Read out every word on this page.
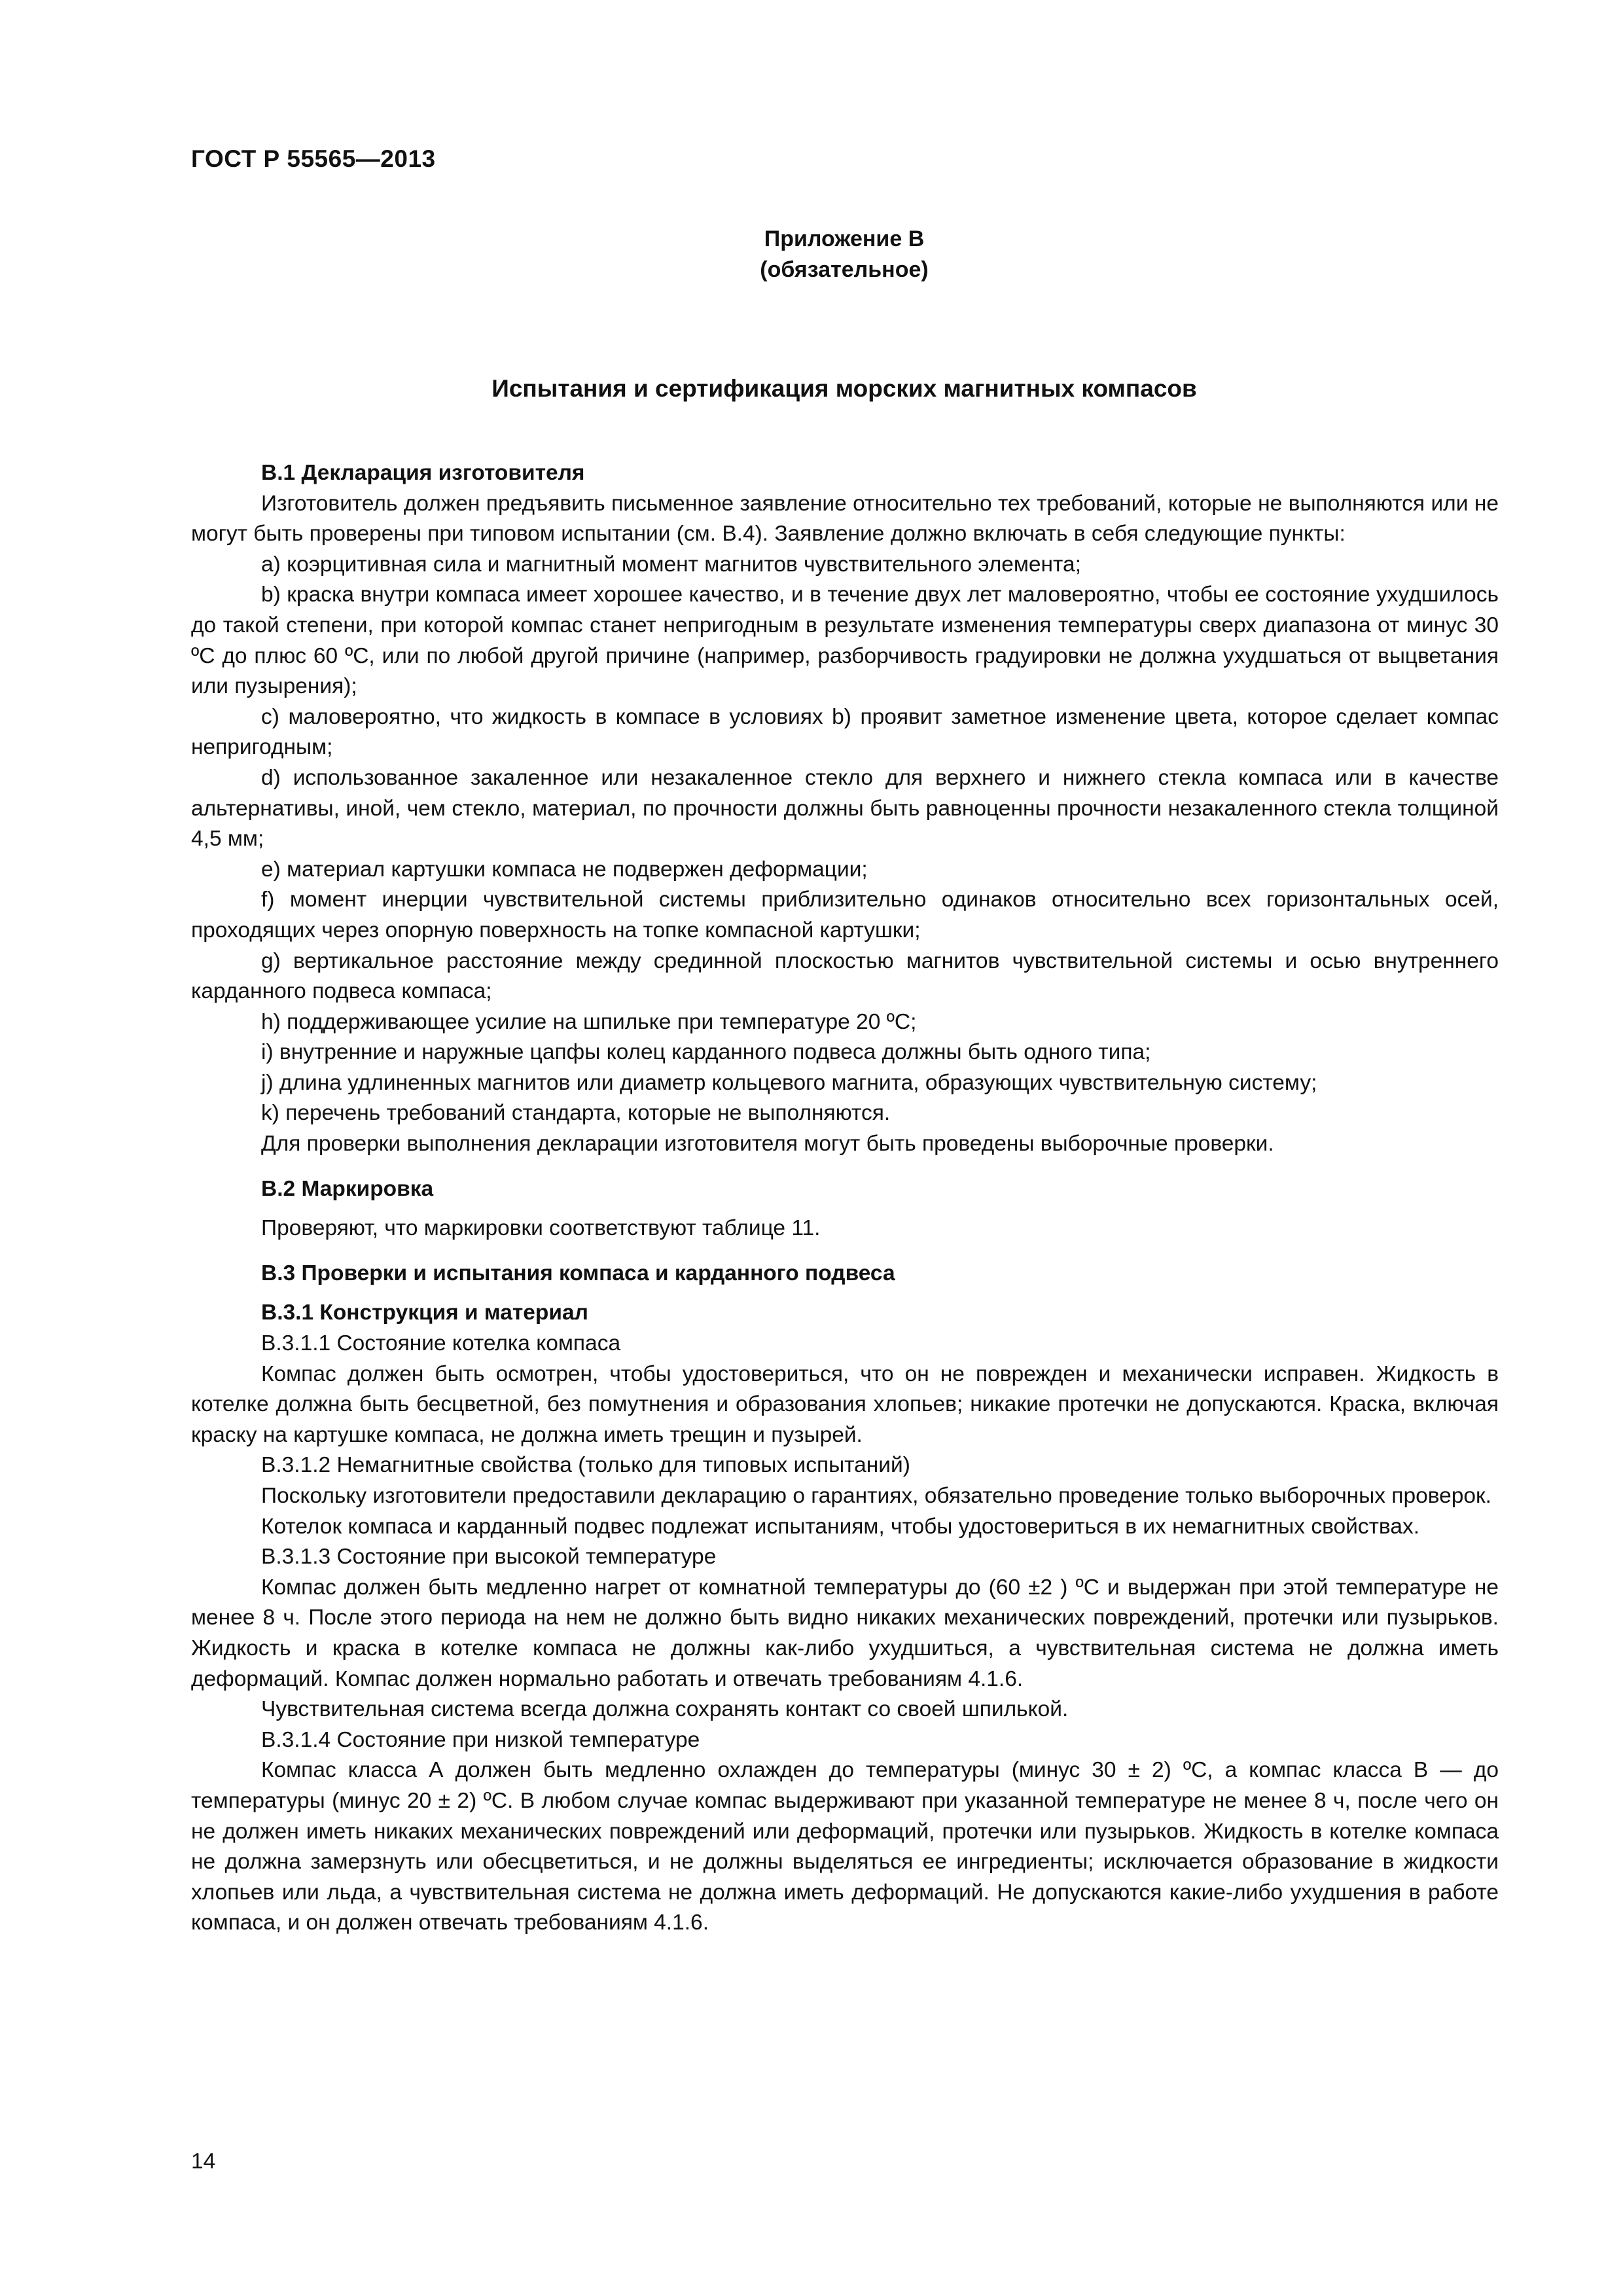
ГОСТ Р 55565—2013
Приложение В
(обязательное)
Испытания и сертификация морских магнитных компасов

В.1 Декларация изготовителя

Изготовитель должен предъявить письменное заявление относительно тех требований, которые не выполняются или не могут быть проверены при типовом испытании (см. В.4). Заявление должно включать в себя следующие пункты:

a) коэрцитивная сила и магнитный момент магнитов чувствительного элемента;

b) краска внутри компаса имеет хорошее качество, и в течение двух лет маловероятно, чтобы ее состояние ухудшилось до такой степени, при которой компас станет непригодным в результате изменения температуры сверх диапазона от минус 30 ºС до плюс 60 ºС, или по любой другой причине (например, разборчивость градуировки не должна ухудшаться от выцветания или пузырения);

c) маловероятно, что жидкость в компасе в условиях b) проявит заметное изменение цвета, которое сделает компас непригодным;

d) использованное закаленное или незакаленное стекло для верхнего и нижнего стекла компаса или в качестве альтернативы, иной, чем стекло, материал, по прочности должны быть равноценны прочности незакаленного стекла толщиной 4,5 мм;

e) материал картушки компаса не подвержен деформации;

f) момент инерции чувствительной системы приблизительно одинаков относительно всех горизонтальных осей, проходящих через опорную поверхность на топке компасной картушки;

g) вертикальное расстояние между срединной плоскостью магнитов чувствительной системы и осью внутреннего карданного подвеса компаса;

h) поддерживающее усилие на шпильке при температуре 20 ºС;

i) внутренние и наружные цапфы колец карданного подвеса должны быть одного типа;

j) длина удлиненных магнитов или диаметр кольцевого магнита, образующих чувствительную систему;

k) перечень требований стандарта, которые не выполняются.

Для проверки выполнения декларации изготовителя могут быть проведены выборочные проверки.

В.2 Маркировка

Проверяют, что маркировки соответствуют таблице 11.

В.3 Проверки и испытания компаса и карданного подвеса

В.3.1 Конструкция и материал

В.3.1.1 Состояние котелка компаса

Компас должен быть осмотрен, чтобы удостовериться, что он не поврежден и механически исправен. Жидкость в котелке должна быть бесцветной, без помутнения и образования хлопьев; никакие протечки не допускаются. Краска, включая краску на картушке компаса, не должна иметь трещин и пузырей.

В.3.1.2 Немагнитные свойства (только для типовых испытаний)

Поскольку изготовители предоставили декларацию о гарантиях, обязательно проведение только выборочных проверок.

Котелок компаса и карданный подвес подлежат испытаниям, чтобы удостовериться в их немагнитных свойствах.

В.3.1.3 Состояние при высокой температуре

Компас должен быть медленно нагрет от комнатной температуры до (60 ±2 ) ºС и выдержан при этой температуре не менее 8 ч. После этого периода на нем не должно быть видно никаких механических повреждений, протечки или пузырьков. Жидкость и краска в котелке компаса не должны как-либо ухудшиться, а чувствительная система не должна иметь деформаций. Компас должен нормально работать и отвечать требованиям 4.1.6.

Чувствительная система всегда должна сохранять контакт со своей шпилькой.

В.3.1.4 Состояние при низкой температуре

Компас класса А должен быть медленно охлажден до температуры (минус 30 ± 2) ºС, а компас класса В — до температуры (минус 20 ± 2) ºС. В любом случае компас выдерживают при указанной температуре не менее 8 ч, после чего он не должен иметь никаких механических повреждений или деформаций, протечки или пузырьков. Жидкость в котелке компаса не должна замерзнуть или обесцветиться, и не должны выделяться ее ингредиенты; исключается образование в жидкости хлопьев или льда, а чувствительная система не должна иметь деформаций. Не допускаются какие-либо ухудшения в работе компаса, и он должен отвечать требованиям 4.1.6.

14
